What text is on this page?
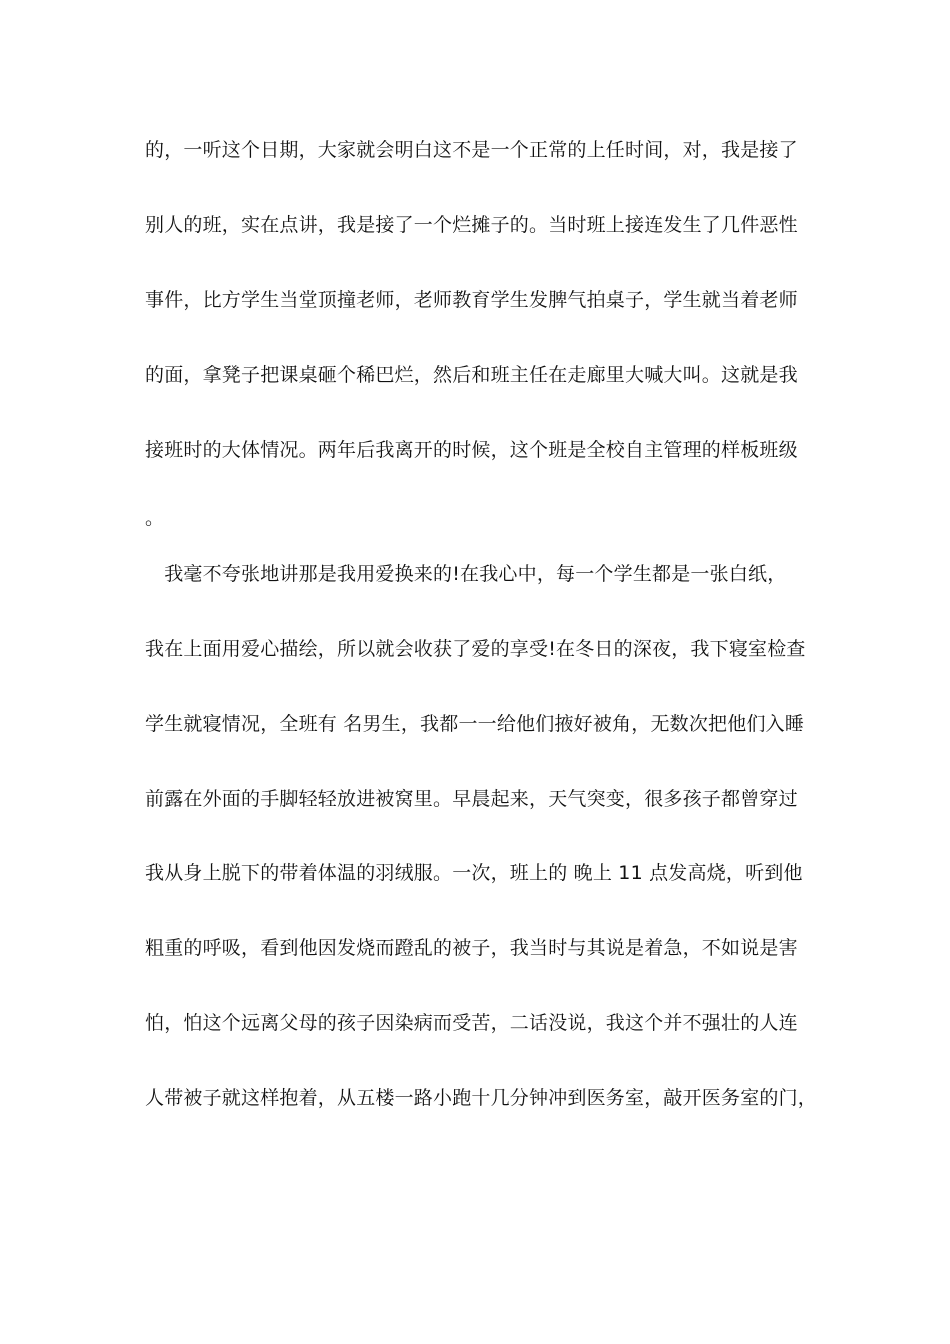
的，一听这个日期，大家就会明白这不是一个正常的上任时间，对，我是接了
别人的班，实在点讲，我是接了一个烂摊子的。当时班上接连发生了几件恶性
事件，比方学生当堂顶撞老师，老师教育学生发脾气拍桌子，学生就当着老师
的面，拿凳子把课桌砸个稀巴烂，然后和班主任在走廊里大喊大叫。这就是我
接班时的大体情况。两年后我离开的时候，这个班是全校自主管理的样板班级
。
　我毫不夸张地讲那是我用爱换来的!在我心中，每一个学生都是一张白纸，
我在上面用爱心描绘，所以就会收获了爱的享受!在冬日的深夜，我下寝室检查
学生就寝情况，全班有 名男生，我都一一给他们掖好被角，无数次把他们入睡
前露在外面的手脚轻轻放进被窝里。早晨起来，天气突变，很多孩子都曾穿过
我从身上脱下的带着体温的羽绒服。一次，班上的 晚上 11 点发高烧，听到他
粗重的呼吸，看到他因发烧而蹬乱的被子，我当时与其说是着急，不如说是害
怕，怕这个远离父母的孩子因染病而受苦，二话没说，我这个并不强壮的人连
人带被子就这样抱着，从五楼一路小跑十几分钟冲到医务室，敲开医务室的门，
